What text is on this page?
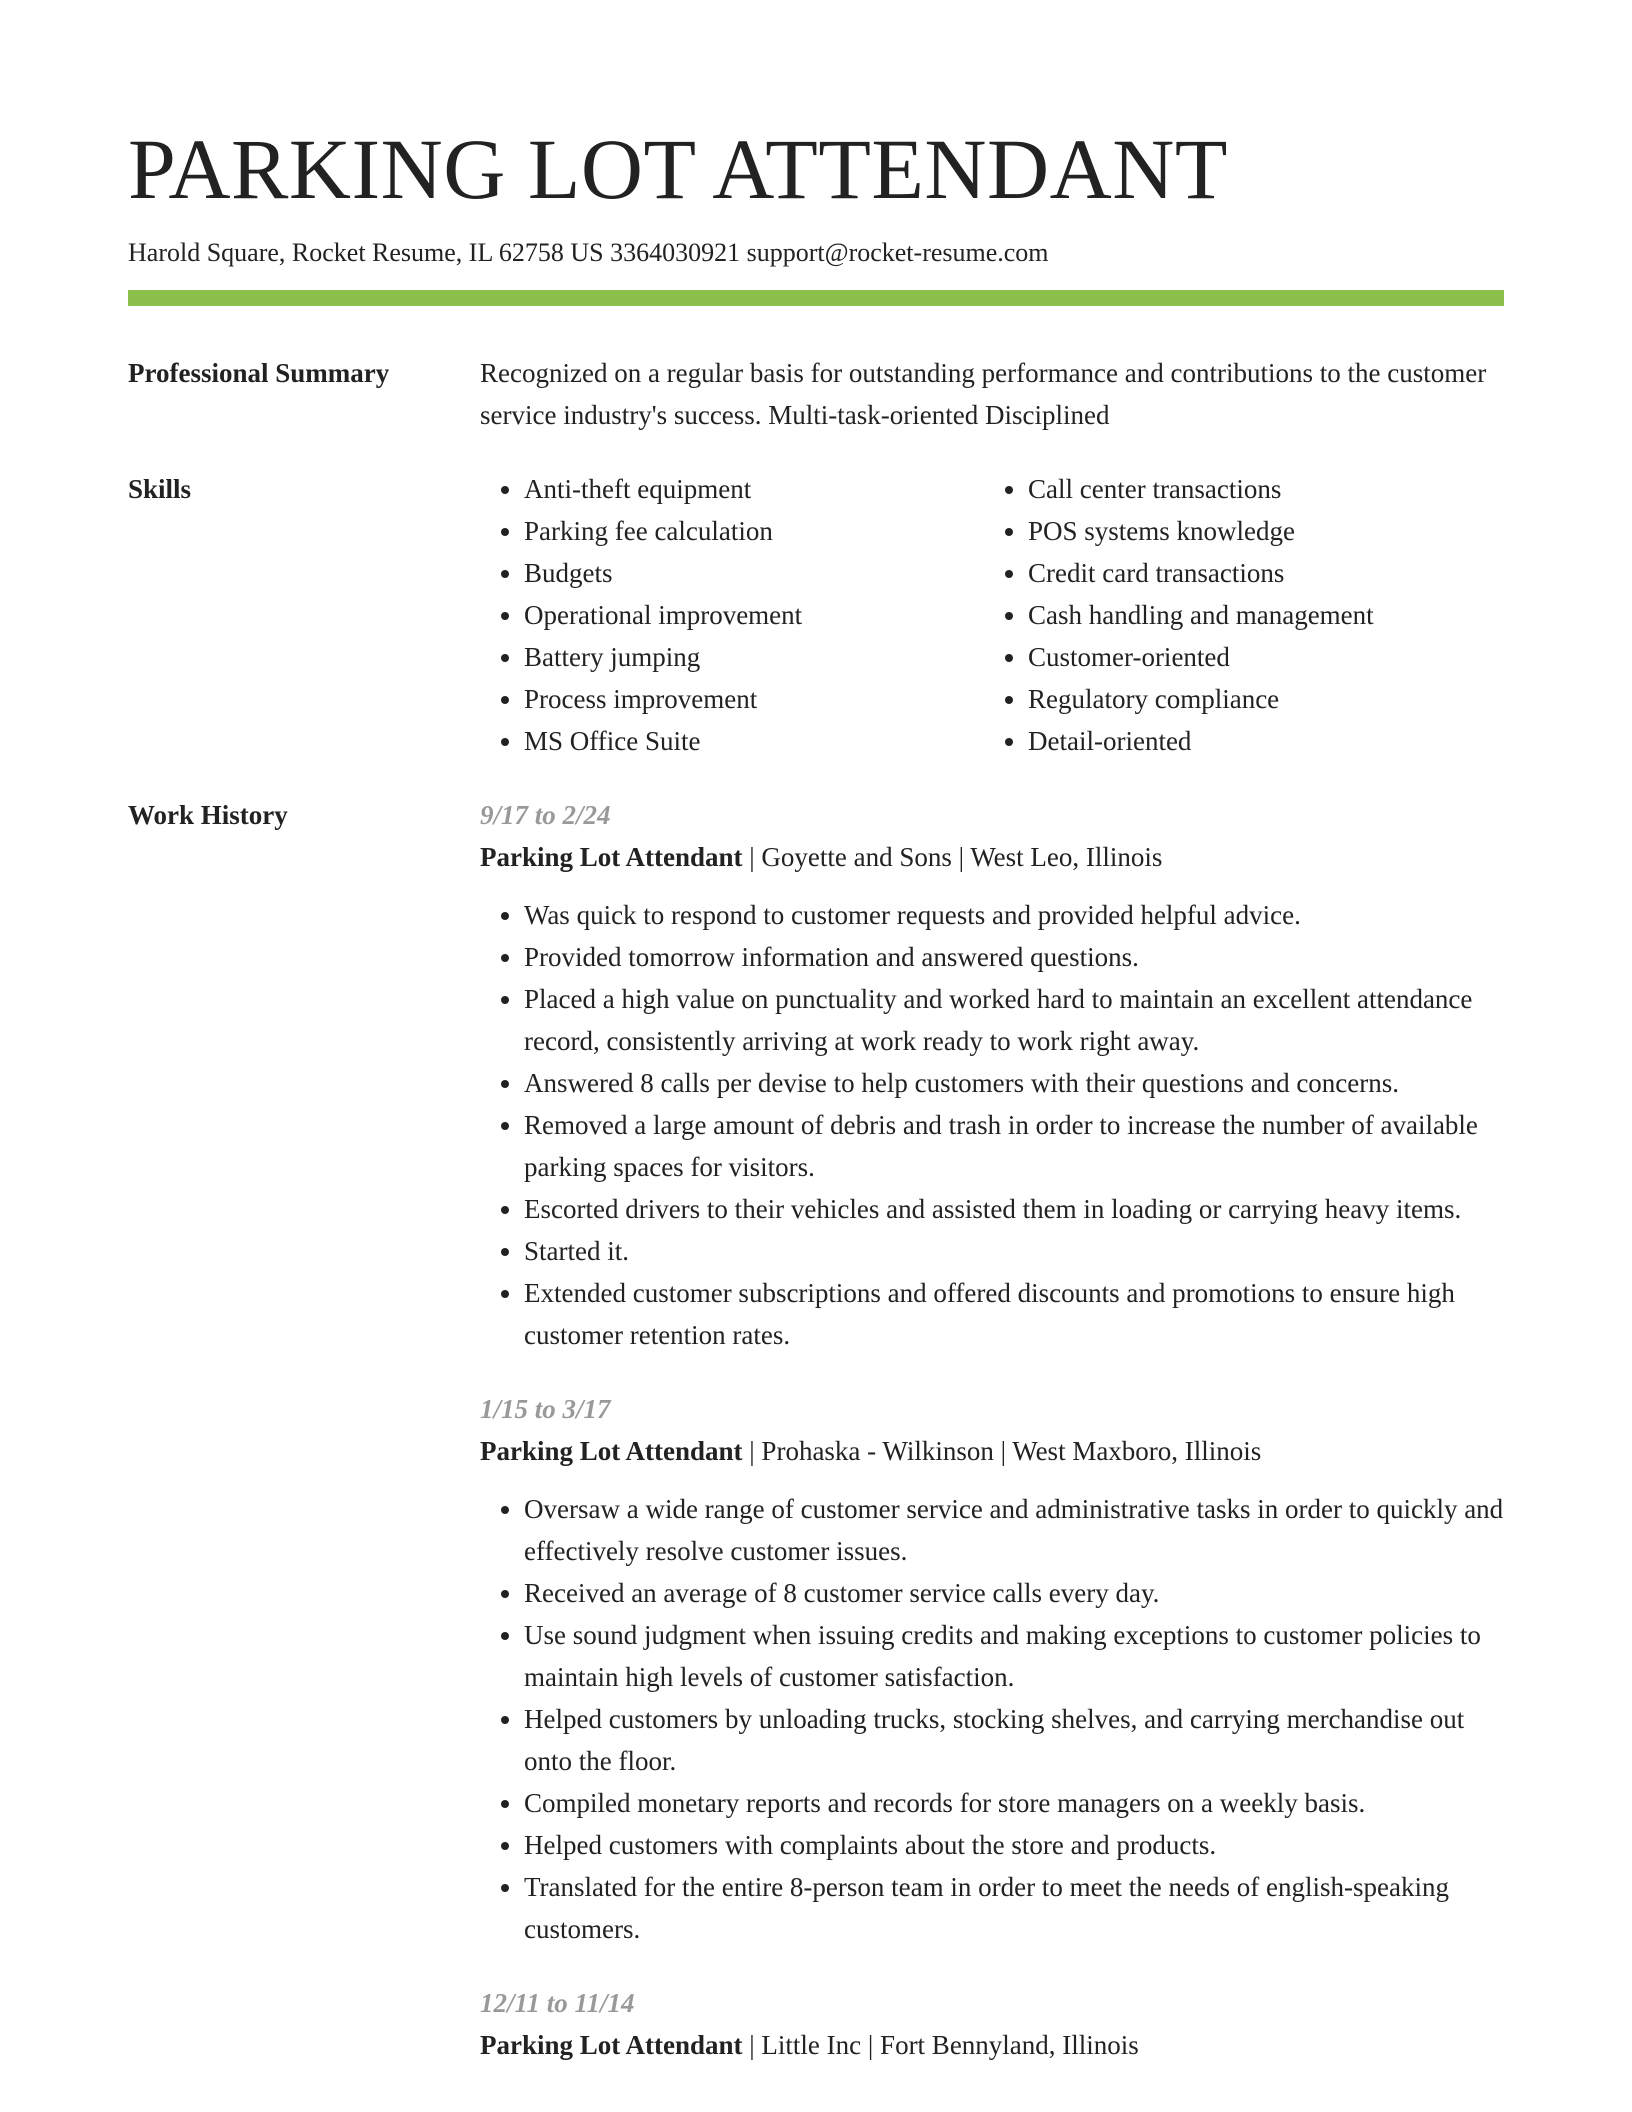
PARKING LOT ATTENDANT
Harold Square, Rocket Resume, IL 62758 US 3364030921 support@rocket-resume.com
Professional Summary	Recognized on a regular basis for outstanding performance and contributions to the customer service industry's success. Multi-task-oriented Disciplined
Skills
•	Anti-theft equipment
• Parking fee calculation
• Budgets
• Operational improvement
• Battery jumping
• Process improvement
• MS Office Suite
• Call center transactions
• POS systems knowledge
• Credit card transactions
• Cash handling and management
• Customer-oriented
• Regulatory compliance
• Detail-oriented
Work History	9/17 to 2/24
Parking Lot Attendant | Goyette and Sons | West Leo, Illinois
• Was quick to respond to customer requests and provided helpful advice.
• Provided tomorrow information and answered questions.
• Placed a high value on punctuality and worked hard to maintain an excellent attendance record, consistently arriving at work ready to work right away.
• Answered 8 calls per devise to help customers with their questions and concerns.
• Removed a large amount of debris and trash in order to increase the number of available parking spaces for visitors.
• Escorted drivers to their vehicles and assisted them in loading or carrying heavy items.
• Started it.
• Extended customer subscriptions and offered discounts and promotions to ensure high customer retention rates.
1/15 to 3/17
Parking Lot Attendant | Prohaska - Wilkinson | West Maxboro, Illinois
• Oversaw a wide range of customer service and administrative tasks in order to quickly and effectively resolve customer issues.
• Received an average of 8 customer service calls every day.
• Use sound judgment when issuing credits and making exceptions to customer policies to maintain high levels of customer satisfaction.
• Helped customers by unloading trucks, stocking shelves, and carrying merchandise out onto the floor.
• Compiled monetary reports and records for store managers on a weekly basis.
• Helped customers with complaints about the store and products.
• Translated for the entire 8-person team in order to meet the needs of english-speaking customers.
12/11 to 11/14
Parking Lot Attendant | Little Inc | Fort Bennyland, Illinois
